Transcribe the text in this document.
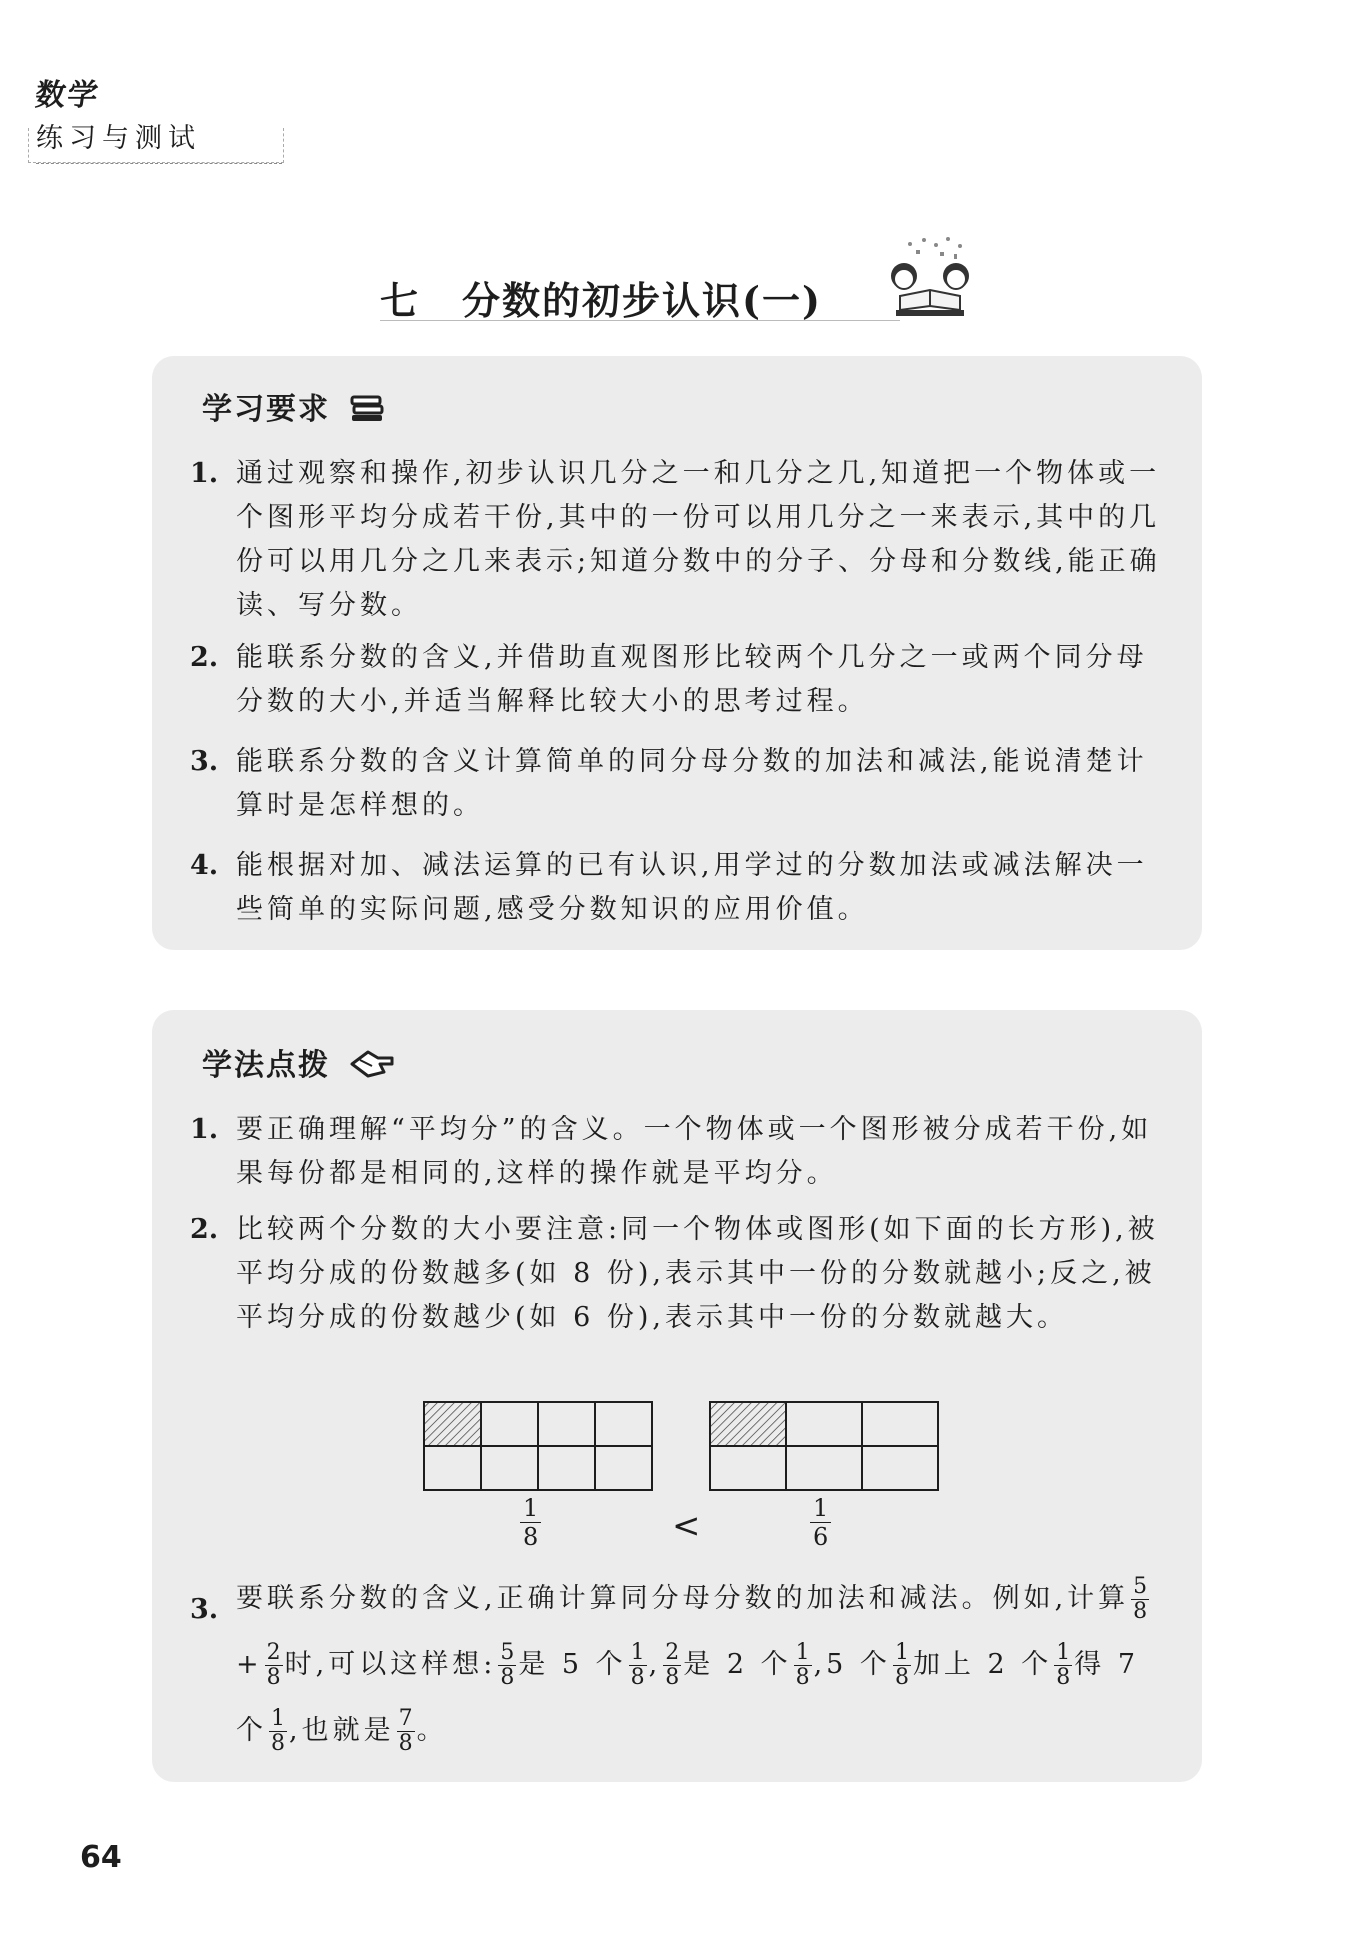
数学
练习与测试
七 分数的初步认识(一)
学习要求
1. 通过观察和操作,初步认识几分之一和几分之几,知道把一个物体或一个图形平均分成若干份,其中的一份可以用几分之一来表示,其中的几份可以用几分之几来表示;知道分数中的分子、分母和分数线,能正确读、写分数。
2. 能联系分数的含义,并借助直观图形比较两个几分之一或两个同分母分数的大小,并适当解释比较大小的思考过程。
3. 能联系分数的含义计算简单的同分母分数的加法和减法,能说清楚计算时是怎样想的。
4. 能根据对加、减法运算的已有认识,用学过的分数加法或减法解决一些简单的实际问题,感受分数知识的应用价值。
学法点拨
1. 要正确理解“平均分”的含义。一个物体或一个图形被分成若干份,如果每份都是相同的,这样的操作就是平均分。
2. 比较两个分数的大小要注意:同一个物体或图形(如下面的长方形),被平均分成的份数越多(如 8 份),表示其中一份的分数就越小;反之,被平均分成的份数越少(如 6 份),表示其中一份的分数就越大。
$\frac{1}{8}$	<	$\frac{1}{6}$
3. 要联系分数的含义,正确计算同分母分数的加法和减法。例如,计算 $\frac{5}{8}$
+ $\frac{2}{8}$ 时,可以这样想: $\frac{5}{8}$ 是 5 个 $\frac{1}{8}$ , $\frac{2}{8}$ 是 2 个 $\frac{1}{8} ,5$ 个 $\frac{1}{8}$ 加上 2 个 $\frac{1}{8}$ 得 7 个 $\frac{1}{8}$ ,也就是 $\frac{7}{8}$ 。
64
